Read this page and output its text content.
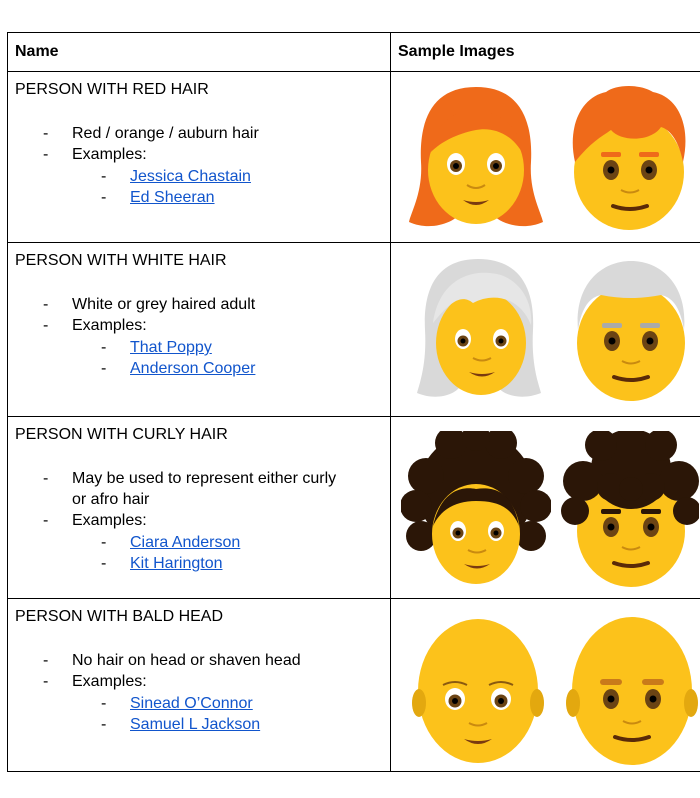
Name	Sample Images
PERSON WITH RED HAIR
- Red / orange / auburn hair
- Examples:
- Jessica Chastain
- Ed Sheeran
PERSON WITH WHITE HAIR
- White or grey haired adult
- Examples:
- That Poppy
- Anderson Cooper
PERSON WITH CURLY HAIR
- May be used to represent either curly
or afro hair
- Examples:
- Ciara Anderson
- Kit Harington
PERSON WITH BALD HEAD
- No hair on head or shaven head
- Examples:
- Sinead O’Connor
- Samuel L Jackson
